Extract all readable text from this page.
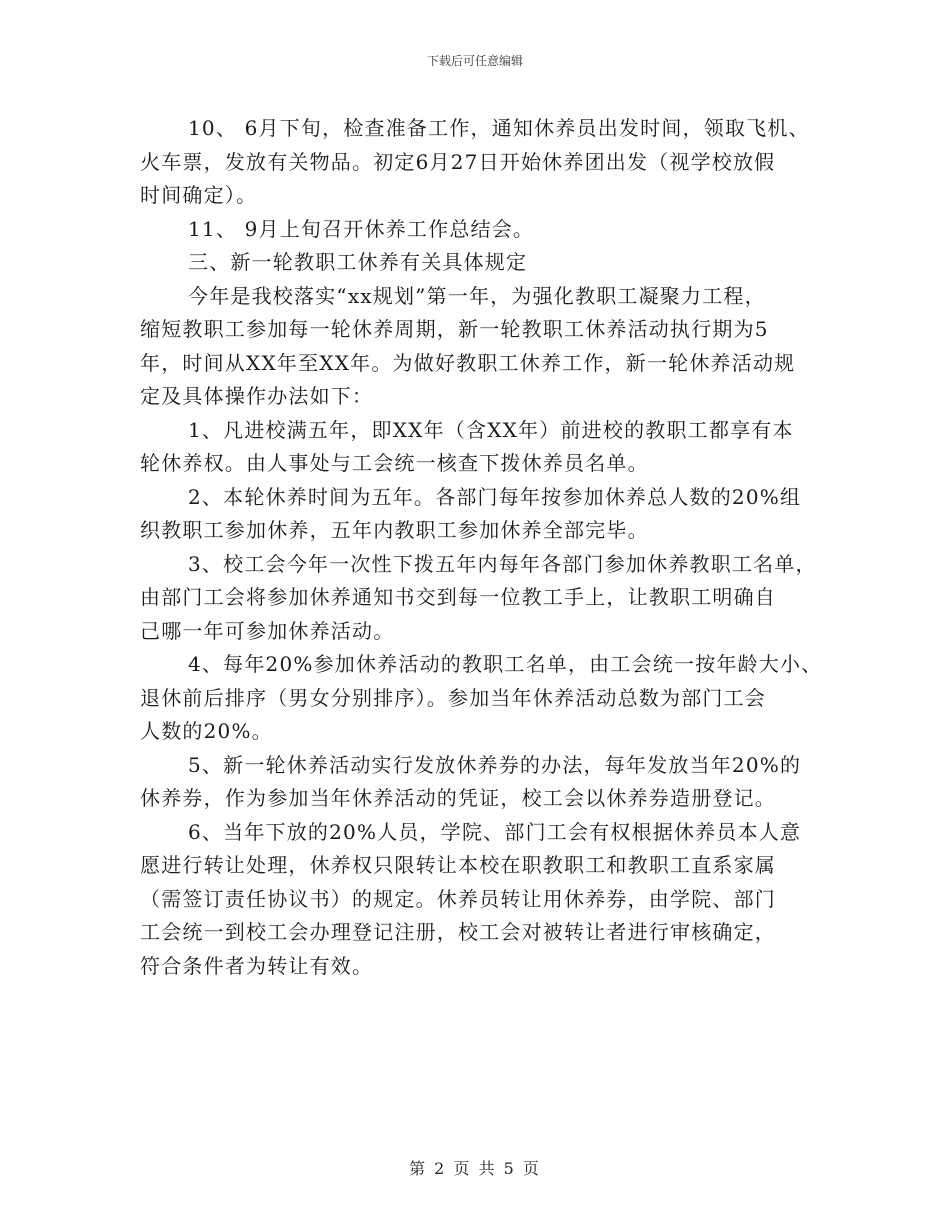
下载后可任意编辑

10、 6月下旬，检查准备工作，通知休养员出发时间，领取飞机、
火车票，发放有关物品。初定6月27日开始休养团出发（视学校放假
时间确定）。

11、 9月上旬召开休养工作总结会。

三、新一轮教职工休养有关具体规定

今年是我校落实“xx规划”第一年，为强化教职工凝聚力工程，
缩短教职工参加每一轮休养周期，新一轮教职工休养活动执行期为5
年，时间从XX年至XX年。为做好教职工休养工作，新一轮休养活动规
定及具体操作办法如下：

1、凡进校满五年，即XX年（含XX年）前进校的教职工都享有本
轮休养权。由人事处与工会统一核查下拨休养员名单。

2、本轮休养时间为五年。各部门每年按参加休养总人数的20%组
织教职工参加休养，五年内教职工参加休养全部完毕。

3、校工会今年一次性下拨五年内每年各部门参加休养教职工名单，
由部门工会将参加休养通知书交到每一位教工手上，让教职工明确自
己哪一年可参加休养活动。

4、每年20%参加休养活动的教职工名单，由工会统一按年龄大小、
退休前后排序（男女分别排序）。参加当年休养活动总数为部门工会
人数的20%。

5、新一轮休养活动实行发放休养券的办法，每年发放当年20%的
休养券，作为参加当年休养活动的凭证，校工会以休养券造册登记。

6、当年下放的20%人员，学院、部门工会有权根据休养员本人意
愿进行转让处理，休养权只限转让本校在职教职工和教职工直系家属
（需签订责任协议书）的规定。休养员转让用休养券，由学院、部门
工会统一到校工会办理登记注册，校工会对被转让者进行审核确定，
符合条件者为转让有效。

第 2 页 共 5 页
